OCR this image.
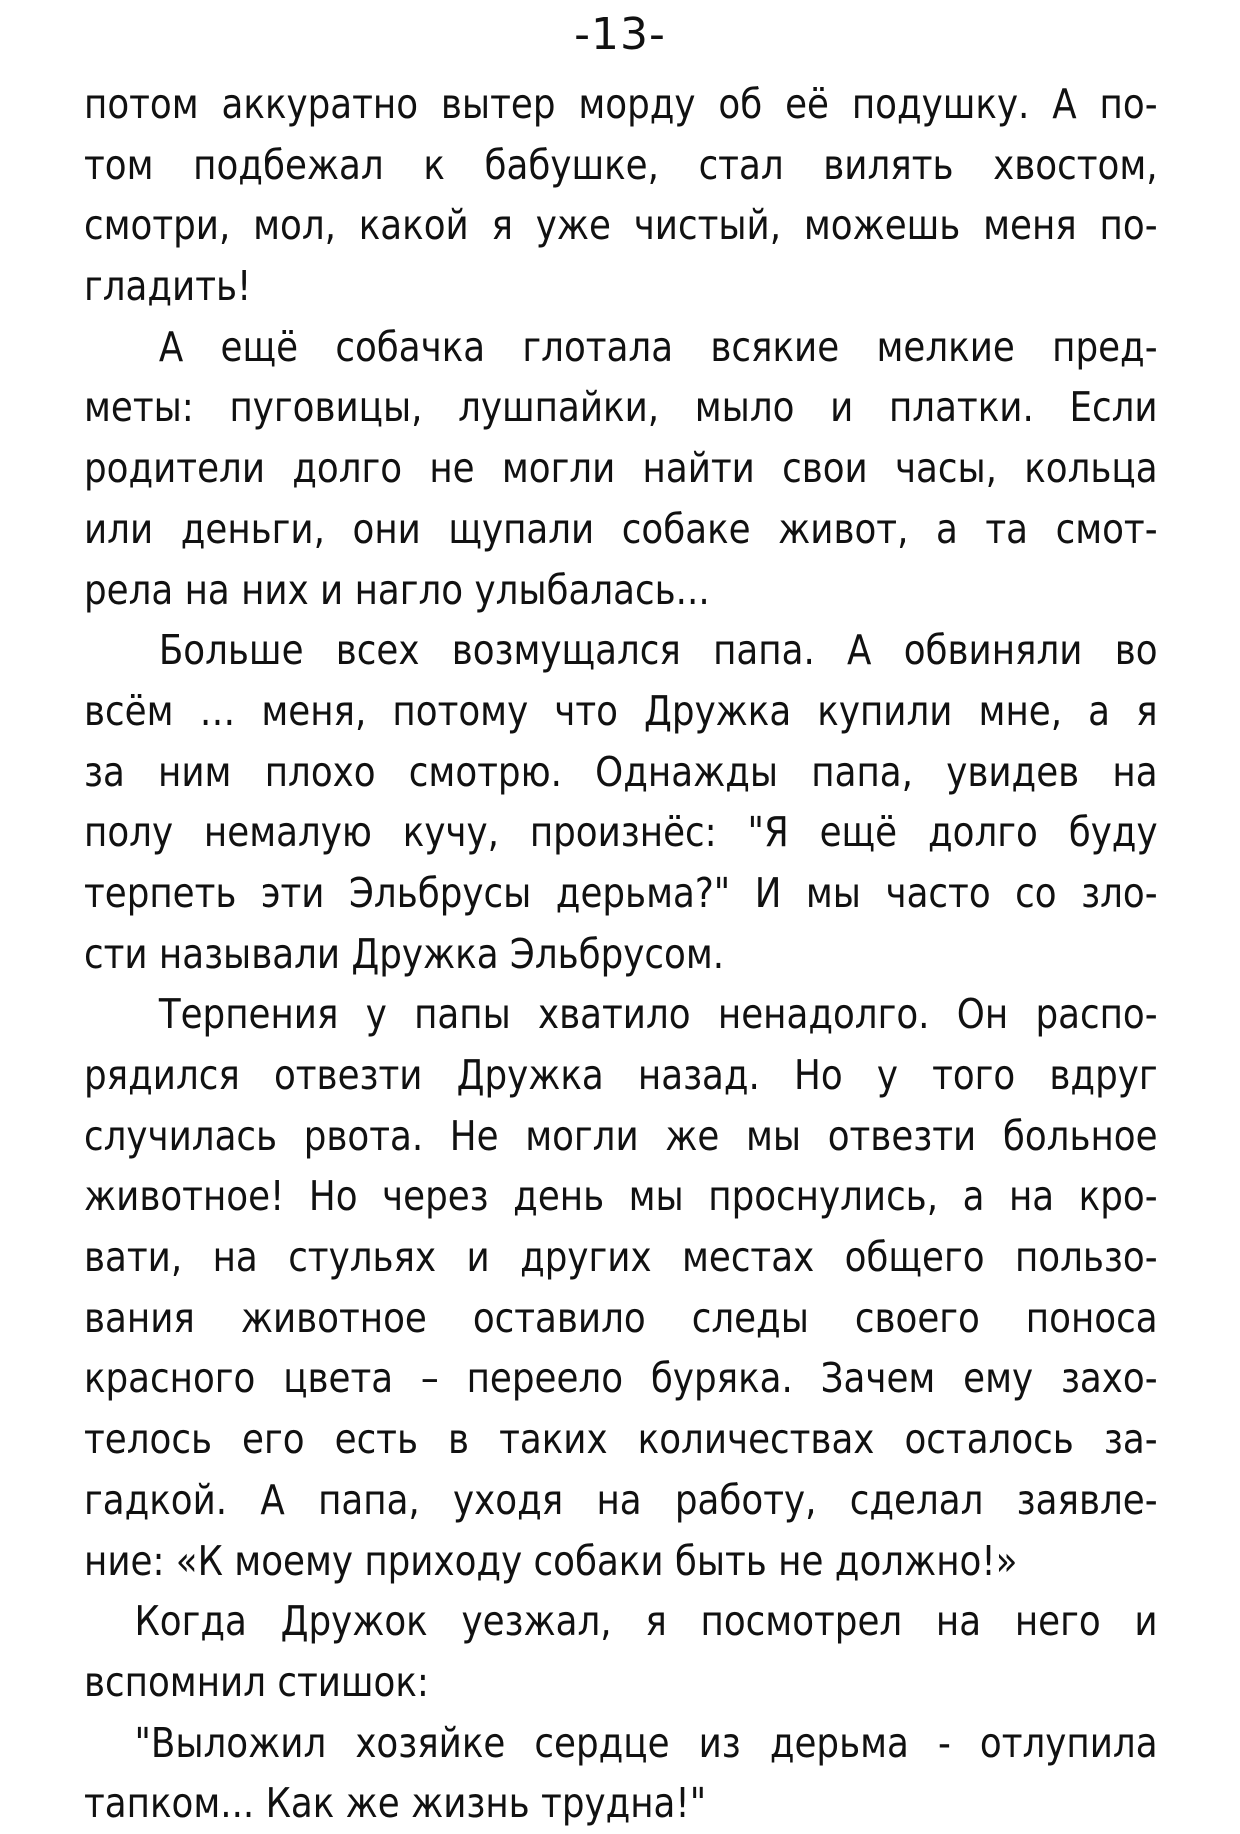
-13-
потом аккуратно вытер морду об её подушку. А по-
том подбежал к бабушке, стал вилять хвостом,
смотри, мол, какой я уже чистый, можешь меня по-
гладить!
А ещё собачка глотала всякие мелкие пред-
меты: пуговицы, лушпайки, мыло и платки. Если
родители долго не могли найти свои часы, кольца
или деньги, они щупали собаке живот, а та смот-
рела на них и нагло улыбалась...
Больше всех возмущался папа. А обвиняли во
всём … меня, потому что Дружка купили мне, а я
за ним плохо смотрю. Однажды папа, увидев на
полу немалую кучу, произнёс: "Я ещё долго буду
терпеть эти Эльбрусы дерьма?" И мы часто со зло-
сти называли Дружка Эльбрусом.
Терпения у папы хватило ненадолго. Он распо-
рядился отвезти Дружка назад. Но у того вдруг
случилась рвота. Не могли же мы отвезти больное
животное! Но через день мы проснулись, а на кро-
вати, на стульях и других местах общего пользо-
вания животное оставило следы своего поноса
красного цвета – переело буряка. Зачем ему захо-
телось его есть в таких количествах осталось за-
гадкой. А папа, уходя на работу, сделал заявле-
ние: «К моему приходу собаки быть не должно!»
Когда Дружок уезжал, я посмотрел на него и
вспомнил стишок:
"Выложил хозяйке сердце из дерьма - отлупила
тапком... Как же жизнь трудна!"
